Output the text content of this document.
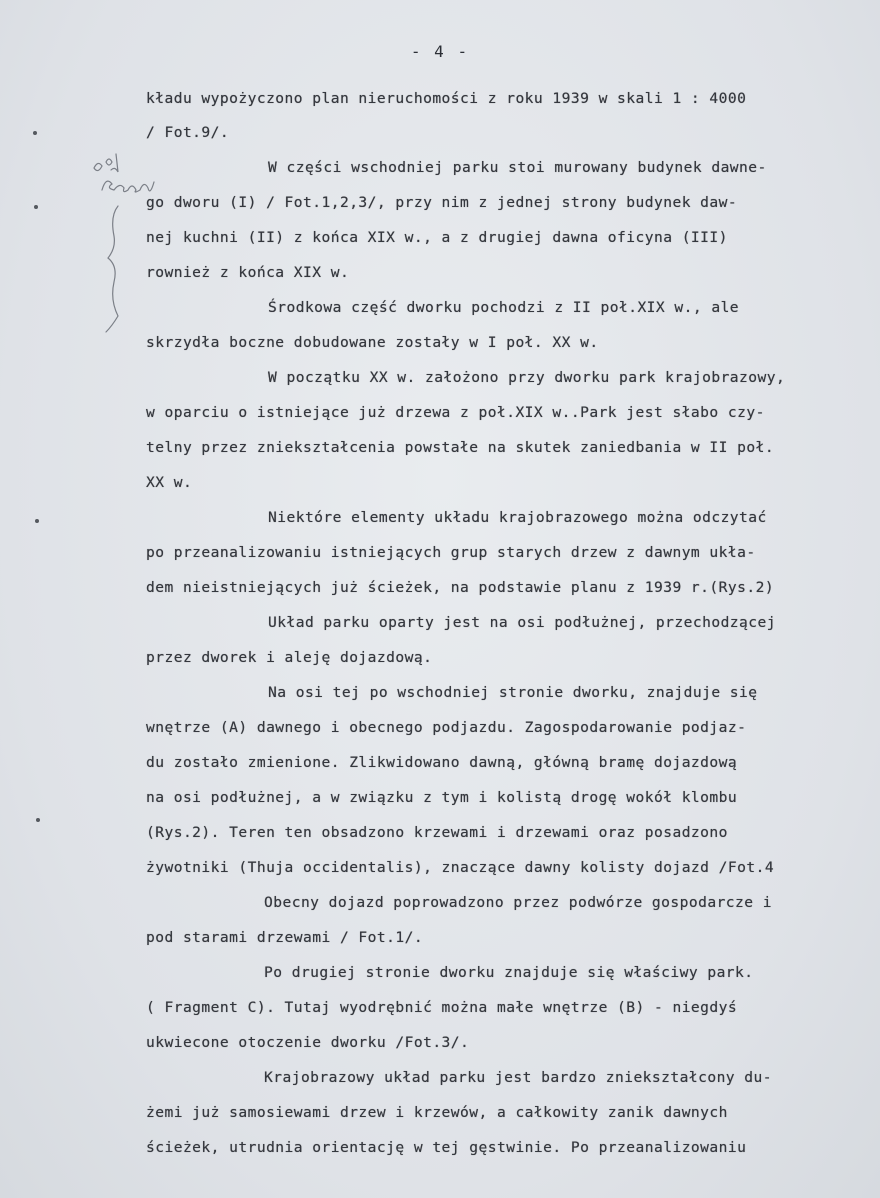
- 4 -
kładu wypożyczono plan nieruchomości z roku 1939 w skali 1 : 4000
/ Fot.9/.
W części wschodniej parku stoi murowany budynek dawne-
go dworu (I) / Fot.1,2,3/, przy nim z jednej strony budynek daw-
nej kuchni (II) z końca XIX w., a z drugiej dawna oficyna (III)
rownież z końca XIX w.
Środkowa część dworku pochodzi z II poł.XIX w., ale
skrzydła boczne dobudowane zostały w I poł. XX w.
W początku XX w. założono przy dworku park krajobrazowy,
w oparciu o istniejące już drzewa z poł.XIX w..Park jest słabo czy-
telny przez zniekształcenia powstałe na skutek zaniedbania w II poł.
XX w.
Niektóre elementy układu krajobrazowego można odczytać
po przeanalizowaniu istniejących grup starych drzew z dawnym ukła-
dem nieistniejących już ścieżek, na podstawie planu z 1939 r.(Rys.2)
Układ parku oparty jest na osi podłużnej, przechodzącej
przez dworek i aleję dojazdową.
Na osi tej po wschodniej stronie dworku, znajduje się
wnętrze (A) dawnego i obecnego podjazdu. Zagospodarowanie podjaz-
du zostało zmienione. Zlikwidowano dawną, główną bramę dojazdową
na osi podłużnej, a w związku z tym i kolistą drogę wokół klombu
(Rys.2). Teren ten obsadzono krzewami i drzewami oraz posadzono
żywotniki (Thuja occidentalis), znaczące dawny kolisty dojazd /Fot.4
Obecny dojazd poprowadzono przez podwórze gospodarcze i
pod starami drzewami / Fot.1/.
Po drugiej stronie dworku znajduje się właściwy park.
( Fragment C). Tutaj wyodrębnić można małe wnętrze (B) - niegdyś
ukwiecone otoczenie dworku /Fot.3/.
Krajobrazowy układ parku jest bardzo zniekształcony du-
żemi już samosiewami drzew i krzewów, a całkowity zanik dawnych
ścieżek, utrudnia orientację w tej gęstwinie. Po przeanalizowaniu
